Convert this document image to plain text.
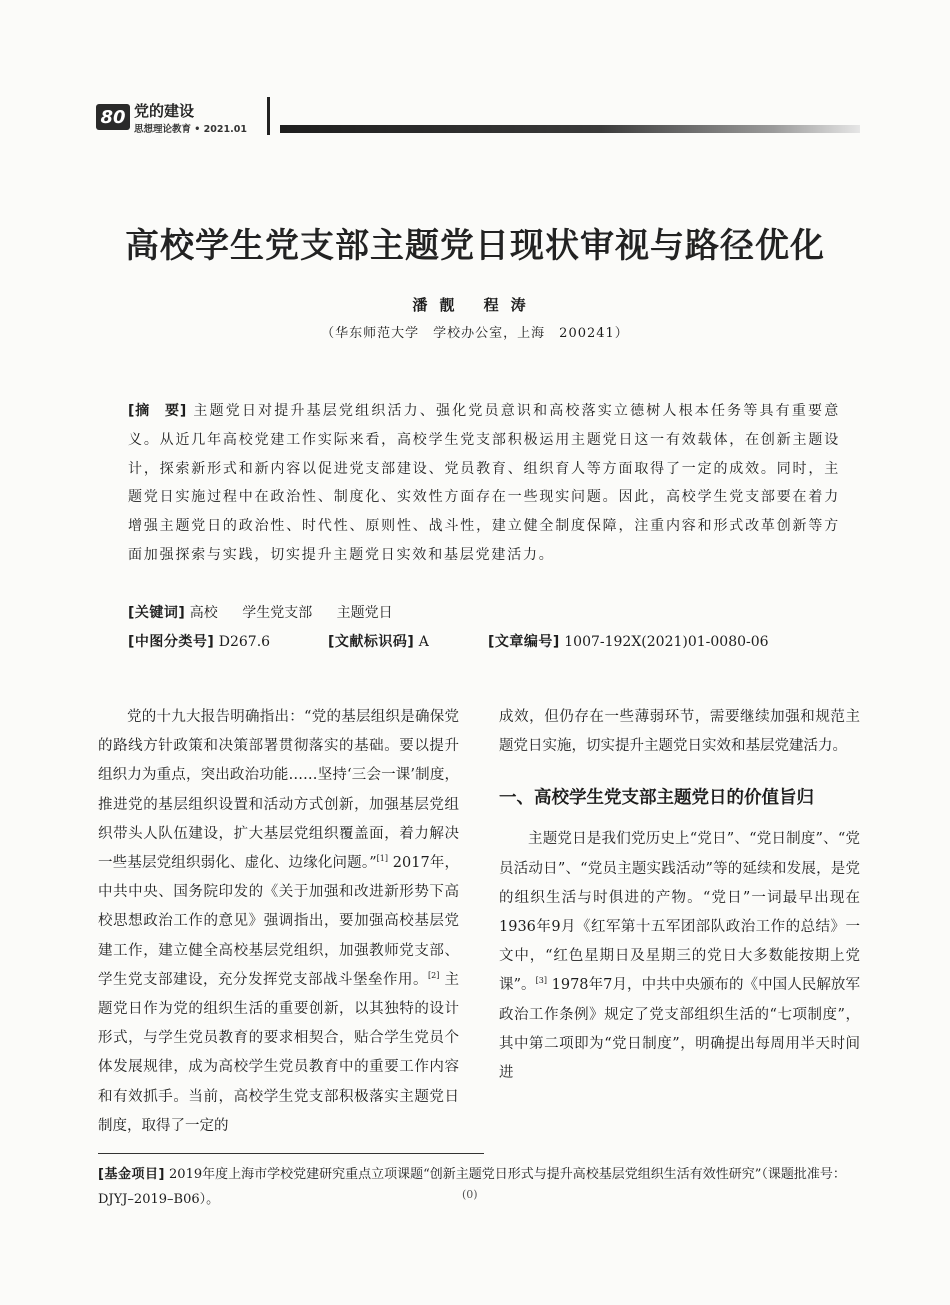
80 党的建设
思想理论教育 • 2021.01
高校学生党支部主题党日现状审视与路径优化
潘靓 程涛
（华东师范大学　学校办公室，上海　200241）
[摘　要] 主题党日对提升基层党组织活力、强化党员意识和高校落实立德树人根本任务等具有重要意义。从近几年高校党建工作实际来看，高校学生党支部积极运用主题党日这一有效载体，在创新主题设计，探索新形式和新内容以促进党支部建设、党员教育、组织育人等方面取得了一定的成效。同时，主题党日实施过程中在政治性、制度化、实效性方面存在一些现实问题。因此，高校学生党支部要在着力增强主题党日的政治性、时代性、原则性、战斗性，建立健全制度保障，注重内容和形式改革创新等方面加强探索与实践，切实提升主题党日实效和基层党建活力。
[关键词] 高校 学生党支部 主题党日
[中图分类号] D267.6	[文献标识码] A	[文章编号] 1007-192X(2021)01-0080-06

党的十九大报告明确指出：“党的基层组织是确保党的路线方针政策和决策部署贯彻落实的基础。要以提升组织力为重点，突出政治功能……坚持‘三会一课’制度，推进党的基层组织设置和活动方式创新，加强基层党组织带头人队伍建设，扩大基层党组织覆盖面，着力解决一些基层党组织弱化、虚化、边缘化问题。”[1] 2017年，中共中央、国务院印发的《关于加强和改进新形势下高校思想政治工作的意见》强调指出，要加强高校基层党建工作，建立健全高校基层党组织，加强教师党支部、学生党支部建设，充分发挥党支部战斗堡垒作用。[2] 主题党日作为党的组织生活的重要创新，以其独特的设计形式，与学生党员教育的要求相契合，贴合学生党员个体发展规律，成为高校学生党员教育中的重要工作内容和有效抓手。当前，高校学生党支部积极落实主题党日制度，取得了一定的

成效，但仍存在一些薄弱环节，需要继续加强和规范主题党日实施，切实提升主题党日实效和基层党建活力。

一、高校学生党支部主题党日的价值旨归

主题党日是我们党历史上“党日”、“党日制度”、“党员活动日”、“党员主题实践活动”等的延续和发展，是党的组织生活与时俱进的产物。“党日”一词最早出现在1936年9月《红军第十五军团部队政治工作的总结》一文中，“红色星期日及星期三的党日大多数能按期上党课”。[3] 1978年7月，中共中央颁布的《中国人民解放军政治工作条例》规定了党支部组织生活的“七项制度”，其中第二项即为“党日制度”，明确提出每周用半天时间进

[基金项目] 2019年度上海市学校党建研究重点立项课题“创新主题党日形式与提升高校基层党组织生活有效性研究”（课题批准号：DJYJ–2019–B06）。	(0)
